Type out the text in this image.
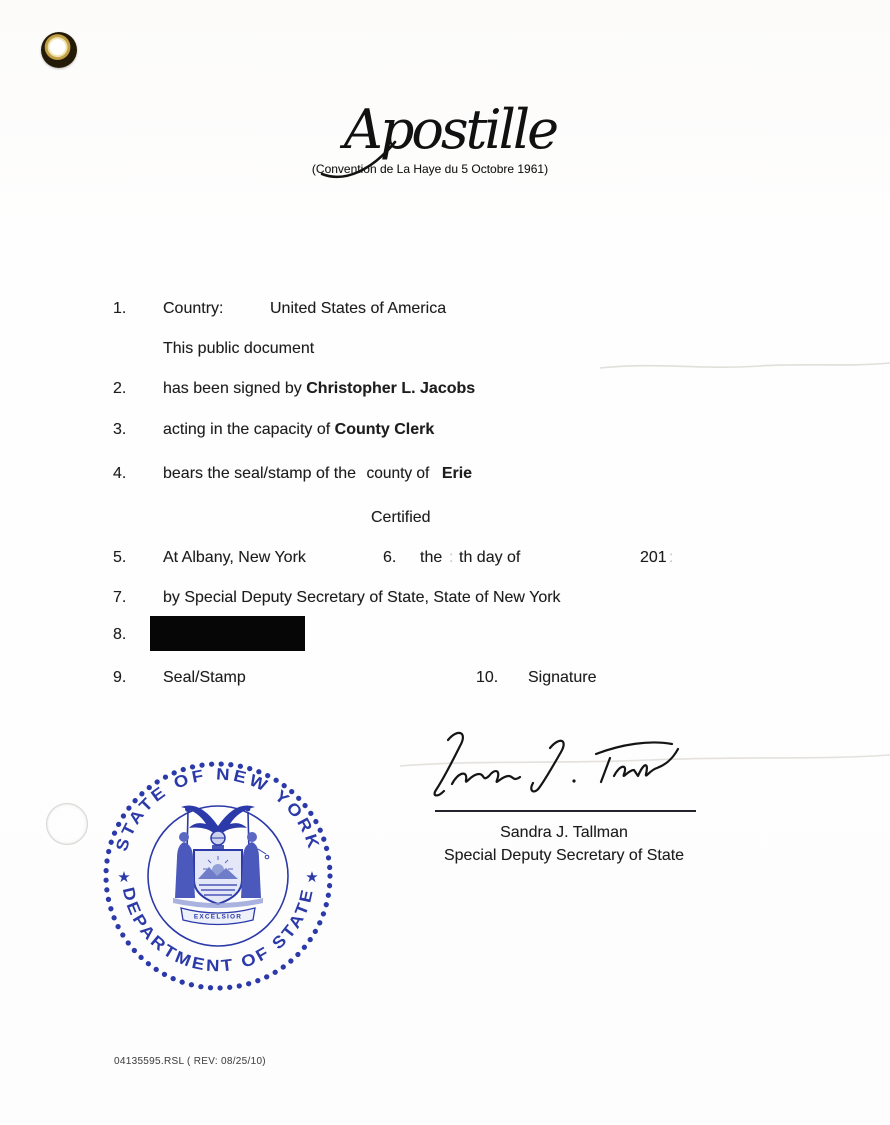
Apostille
(Convention de La Haye du 5 Octobre 1961)
1. Country:	United States of America
This public document
2. has been signed by Christopher L. Jacobs
3. acting in the capacity of County Clerk
4. bears the seal/stamp of the county of Erie
Certified
5. At Albany, New York	6. the : th day of	201 :
7. by Special Deputy Secretary of State, State of New York
8.
9. Seal/Stamp	10. Signature
Sandra J. Tallman
Special Deputy Secretary of State
STATE OF NEW YORK
DEPARTMENT OF STATE
★	★
EXCELSIOR
04135595.RSL ( REV: 08/25/10)
